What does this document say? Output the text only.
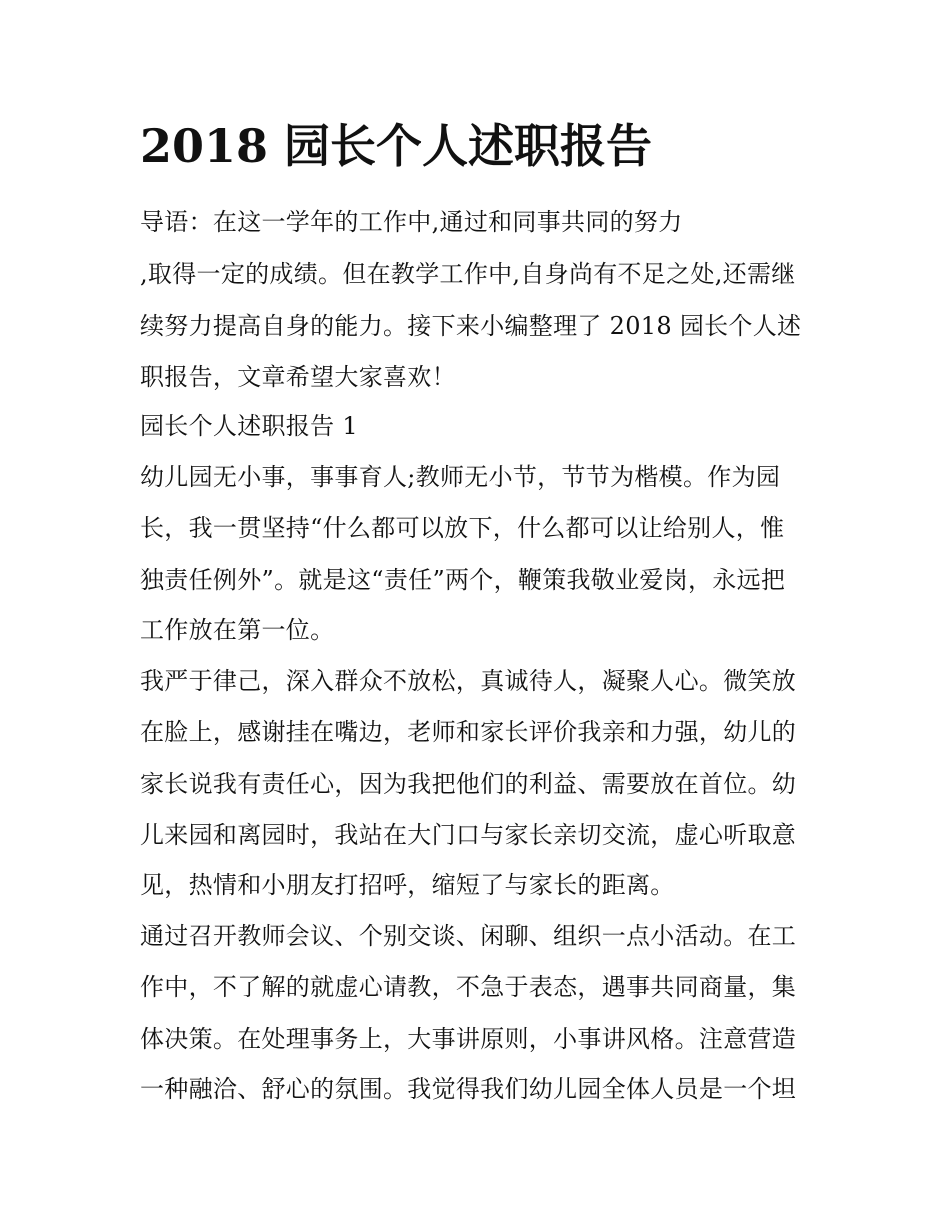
2018 园长个人述职报告

导语：在这一学年的工作中,通过和同事共同的努力

,取得一定的成绩。但在教学工作中,自身尚有不足之处,还需继

续努力提高自身的能力。接下来小编整理了 2018 园长个人述

职报告，文章希望大家喜欢！

园长个人述职报告 1

幼儿园无小事，事事育人;教师无小节，节节为楷模。作为园

长，我一贯坚持“什么都可以放下，什么都可以让给别人，惟

独责任例外”。就是这“责任”两个，鞭策我敬业爱岗，永远把

工作放在第一位。

我严于律己，深入群众不放松，真诚待人，凝聚人心。微笑放

在脸上，感谢挂在嘴边，老师和家长评价我亲和力强，幼儿的

家长说我有责任心，因为我把他们的利益、需要放在首位。幼

儿来园和离园时，我站在大门口与家长亲切交流，虚心听取意

见，热情和小朋友打招呼，缩短了与家长的距离。

通过召开教师会议、个别交谈、闲聊、组织一点小活动。在工

作中，不了解的就虚心请教，不急于表态，遇事共同商量，集

体决策。在处理事务上，大事讲原则，小事讲风格。注意营造

一种融洽、舒心的氛围。我觉得我们幼儿园全体人员是一个坦
